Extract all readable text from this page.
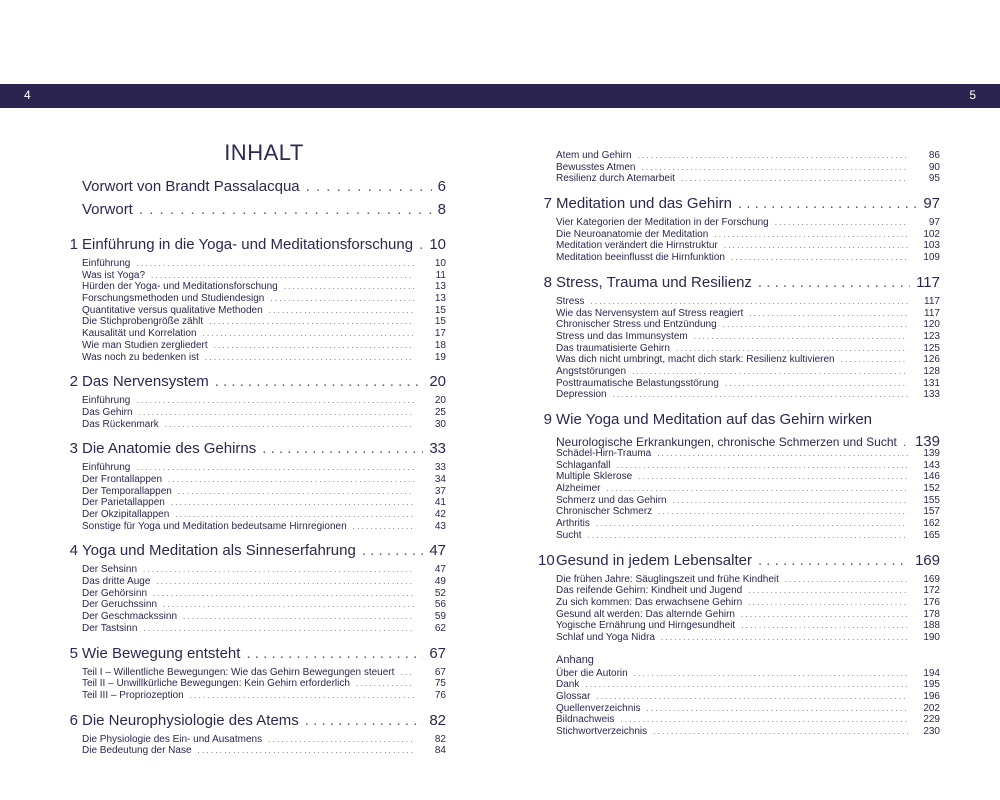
4	5
INHALT
Vorwort von Brandt Passalacqua . . .	6
Vorwort . . .	8
1 Einführung in die Yoga- und Meditationsforschung . . . 10
Einführung . . .	10
Was ist Yoga? . . .	11
Hürden der Yoga- und Meditationsforschung . . .	13
Forschungsmethoden und Studiendesign . . .	13
Quantitative versus qualitative Methoden . . .	15
Die Stichprobengröße zählt . . .	15
Kausalität und Korrelation . . .	17
Wie man Studien zergliedert . . .	18
Was noch zu bedenken ist . . .	19
2 Das Nervensystem . . .	20
Einführung . . .	20
Das Gehirn . . .	25
Das Rückenmark . . .	30
3 Die Anatomie des Gehirns . . .	33
Einführung . . .	33
Der Frontallappen . . .	34
Der Temporallappen . . .	37
Der Parietallappen . . .	41
Der Okzipitallappen . . .	42
Sonstige für Yoga und Meditation bedeutsame Hirnregionen . . .	43
4 Yoga und Meditation als Sinneserfahrung . . .	47
Der Sehsinn . . .	47
Das dritte Auge . . .	49
Der Gehörsinn . . .	52
Der Geruchssinn . . .	56
Der Geschmackssinn . . .	59
Der Tastsinn . . .	62
5 Wie Bewegung entsteht . . .	67
Teil I – Willentliche Bewegungen: Wie das Gehirn Bewegungen steuert . . .	67
Teil II – Unwillkürliche Bewegungen: Kein Gehirn erforderlich . . .	75
Teil III – Propriozeption . . .	76
6 Die Neurophysiologie des Atems . . .	82
Die Physiologie des Ein- und Ausatmens . . .	82
Die Bedeutung der Nase . . .	84
Atem und Gehirn . . .	86
Bewusstes Atmen . . .	90
Resilienz durch Atemarbeit . . .	95
7 Meditation und das Gehirn . . .	97
Vier Kategorien der Meditation in der Forschung . . .	97
Die Neuroanatomie der Meditation . . .	102
Meditation verändert die Hirnstruktur . . .	103
Meditation beeinflusst die Hirnfunktion . . .	109
8 Stress, Trauma und Resilienz . . .	117
Stress . . .	117
Wie das Nervensystem auf Stress reagiert . . .	117
Chronischer Stress und Entzündung . . .	120
Stress und das Immunsystem . . .	123
Das traumatisierte Gehirn . . .	125
Was dich nicht umbringt, macht dich stark: Resilienz kultivieren . . .	126
Angststörungen . . .	128
Posttraumatische Belastungsstörung . . .	131
Depression . . .	133
9 Wie Yoga und Meditation auf das Gehirn wirken
Neurologische Erkrankungen, chronische Schmerzen und Sucht . . . 139
Schädel-Hirn-Trauma . . .	139
Schlaganfall . . .	143
Multiple Sklerose . . .	146
Alzheimer . . .	152
Schmerz und das Gehirn . . .	155
Chronischer Schmerz . . .	157
Arthritis . . .	162
Sucht . . .	165
10 Gesund in jedem Lebensalter . . .	169
Die frühen Jahre: Säuglingszeit und frühe Kindheit . . .	169
Das reifende Gehirn: Kindheit und Jugend . . .	172
Zu sich kommen: Das erwachsene Gehirn . . .	176
Gesund alt werden: Das alternde Gehirn . . .	178
Yogische Ernährung und Hirngesundheit . . .	188
Schlaf und Yoga Nidra . . .	190
Anhang
Über die Autorin . . .	194
Dank . . .	195
Glossar . . .	196
Quellenverzeichnis . . .	202
Bildnachweis . . .	229
Stichwortverzeichnis . . .	230
